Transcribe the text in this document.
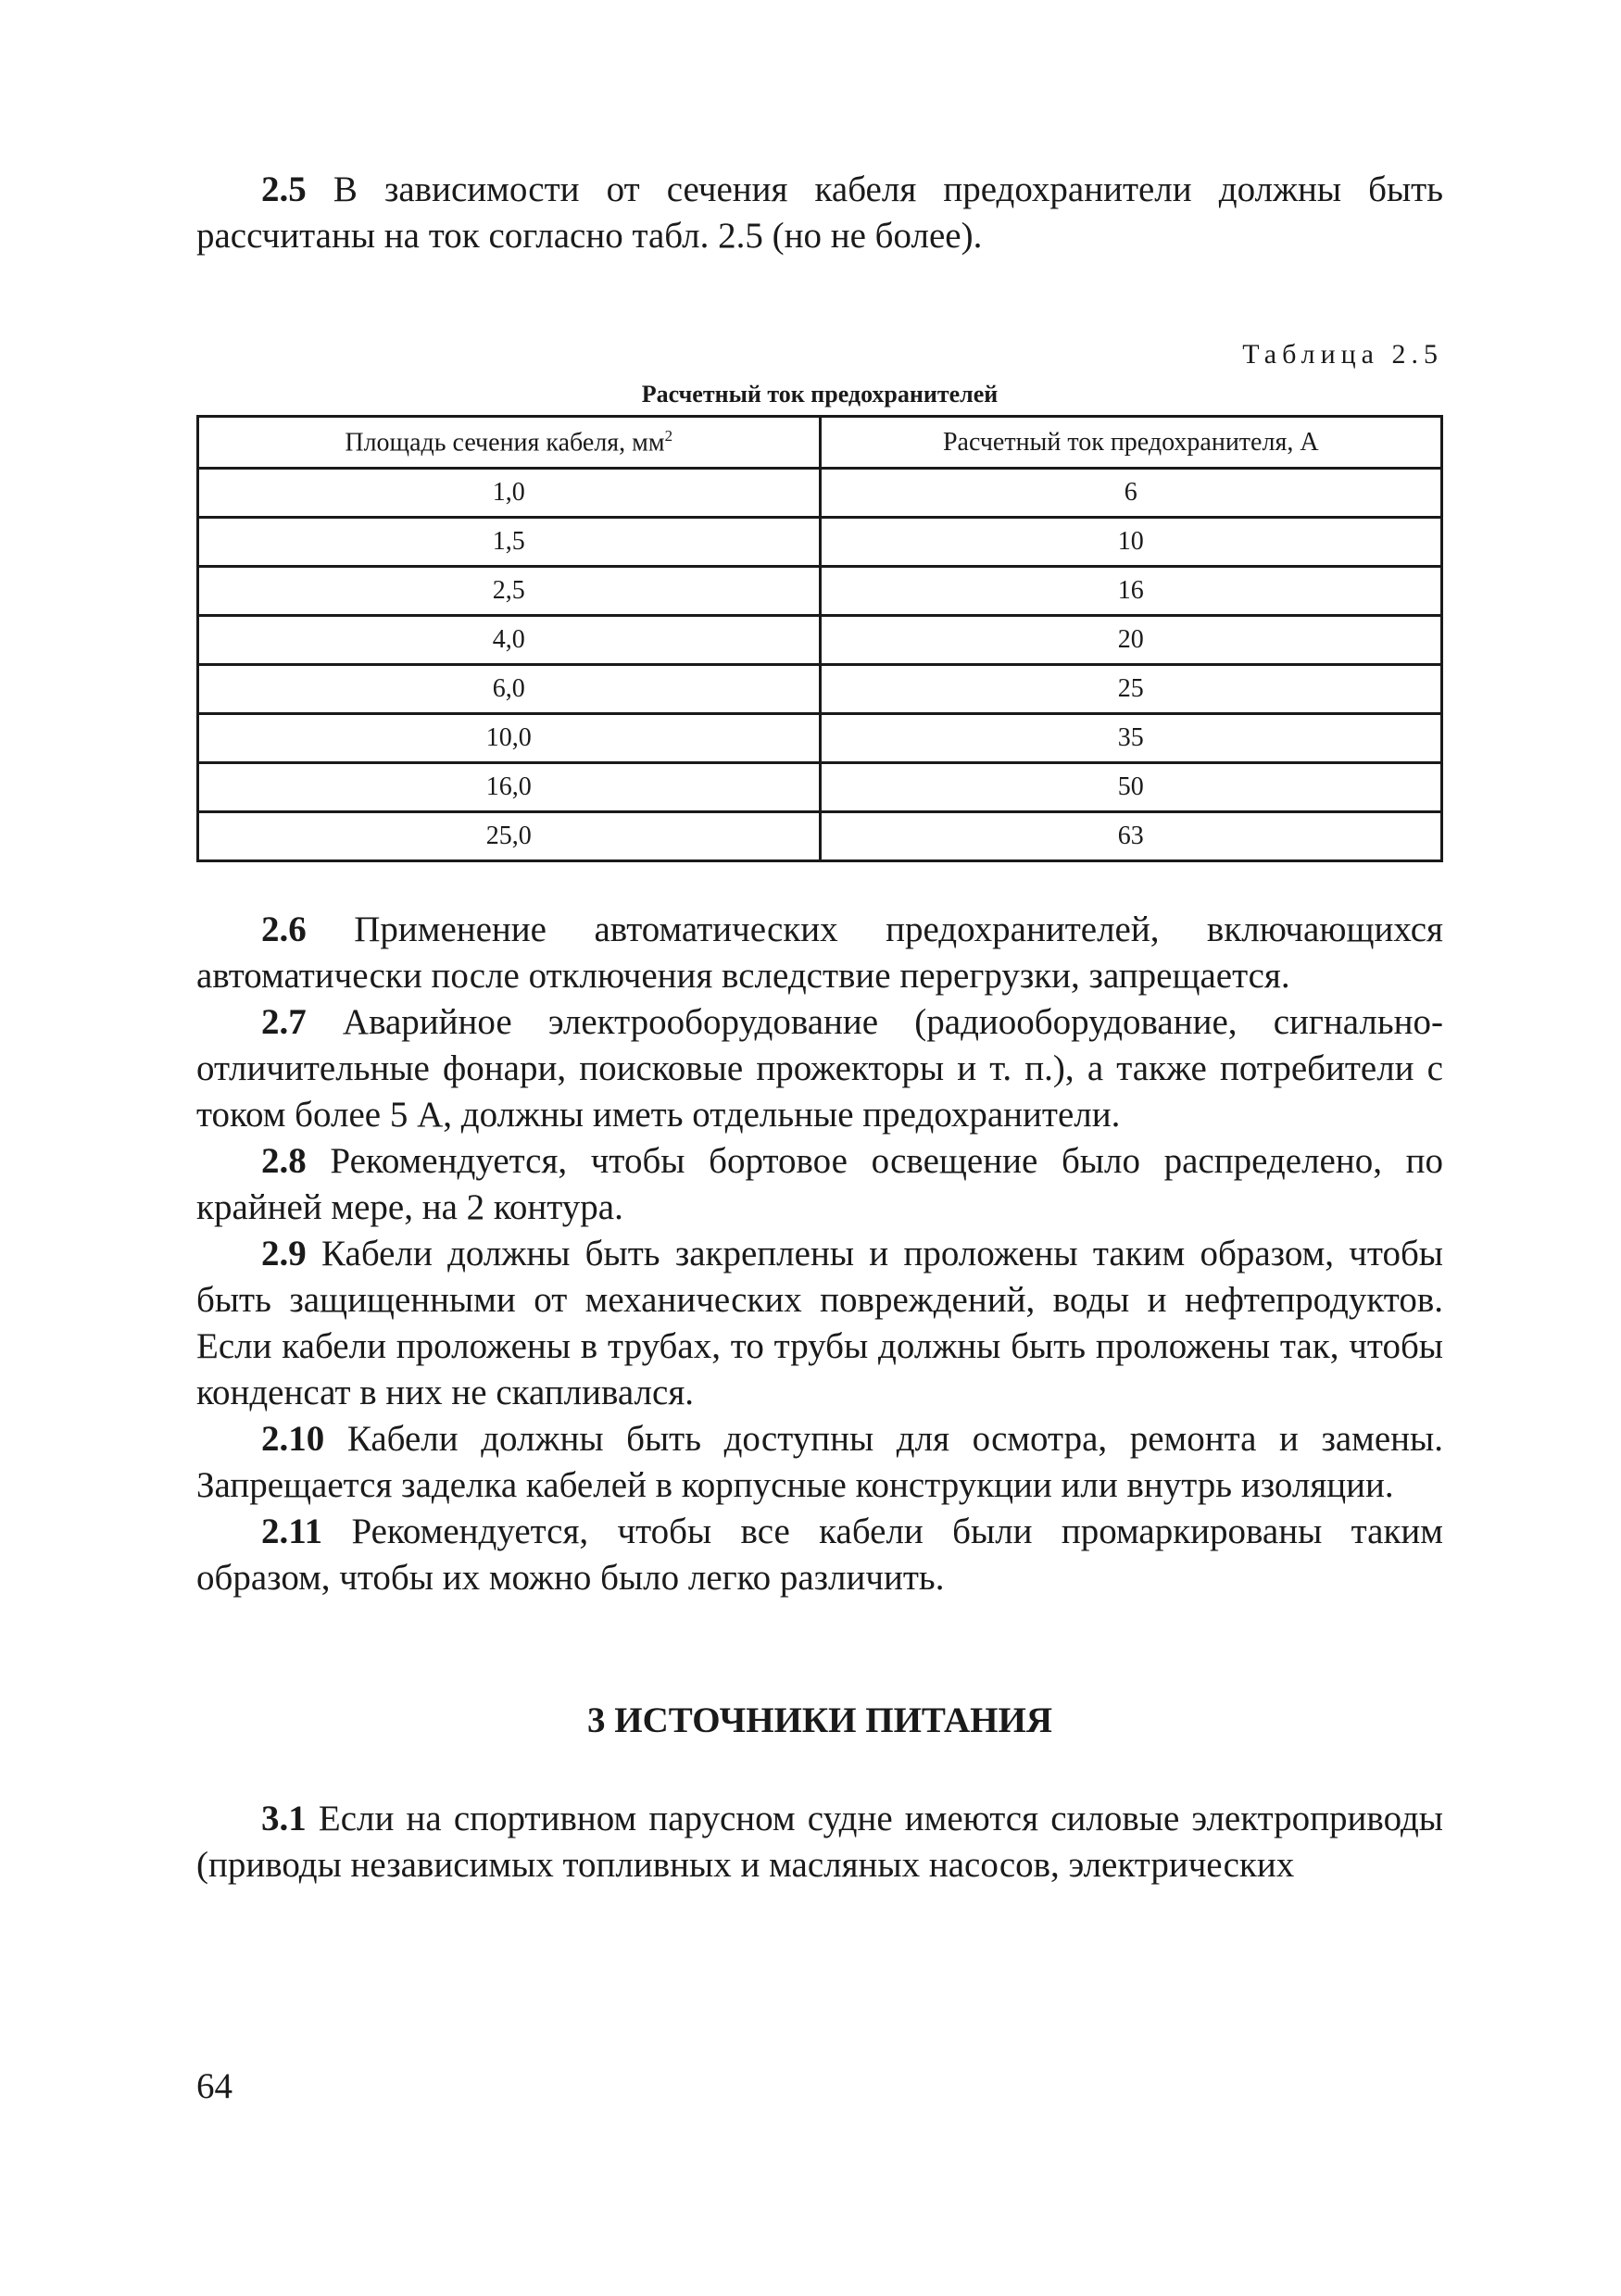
2.5 В зависимости от сечения кабеля предохранители должны быть рассчитаны на ток согласно табл. 2.5 (но не более).

Таблица 2.5
Расчетный ток предохранителей
Площадь сечения кабеля, $мм^2$	Расчетный ток предохранителя, А
1,0	6
1,5	10
2,5	16
4,0	20
6,0	25
10,0	35
16,0	50
25,0	63

2.6 Применение автоматических предохранителей, включающихся автоматически после отключения вследствие перегрузки, запрещается.

2.7 Аварийное электрооборудование (радиооборудование, сигнально-отличительные фонари, поисковые прожекторы и т. п.), а также потребители с током более 5 А, должны иметь отдельные предохранители.

2.8 Рекомендуется, чтобы бортовое освещение было распределено, по крайней мере, на 2 контура.

2.9 Кабели должны быть закреплены и проложены таким образом, чтобы быть защищенными от механических повреждений, воды и нефтепродуктов. Если кабели проложены в трубах, то трубы должны быть проложены так, чтобы конденсат в них не скапливался.

2.10 Кабели должны быть доступны для осмотра, ремонта и замены. Запрещается заделка кабелей в корпусные конструкции или внутрь изоляции.

2.11 Рекомендуется, чтобы все кабели были промаркированы таким образом, чтобы их можно было легко различить.

3 ИСТОЧНИКИ ПИТАНИЯ

3.1 Если на спортивном парусном судне имеются силовые электроприводы (приводы независимых топливных и масляных насосов, электрических

64
